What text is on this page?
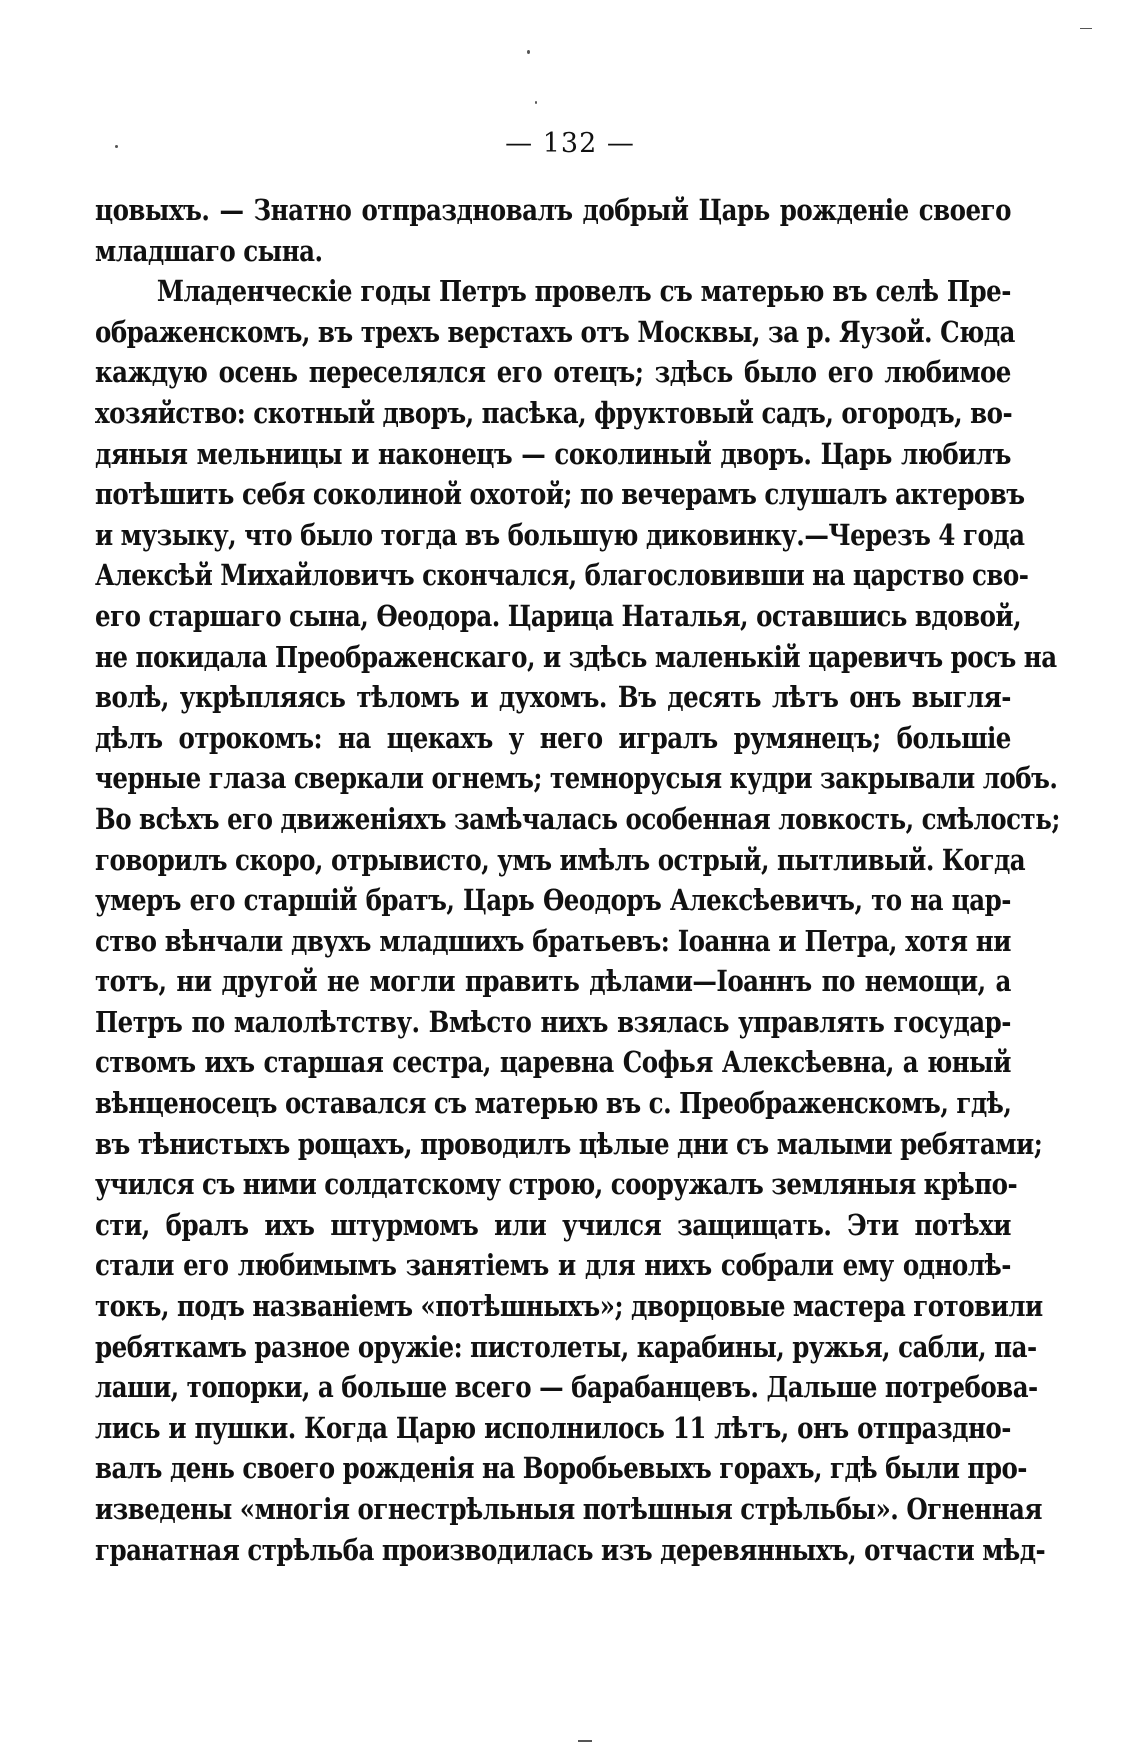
— 132 —
цовыхъ. — Знатно отпраздновалъ добрый Царь рожденіе своего
младшаго сына.
Младенческіе годы Петръ провелъ съ матерью въ селѣ Пре-
ображенскомъ, въ трехъ верстахъ отъ Москвы, за р. Яузой. Сюда
каждую осень переселялся его отецъ; здѣсь было его любимое
хозяйство: скотный дворъ, пасѣка, фруктовый садъ, огородъ, во-
дяныя мельницы и наконецъ — соколиный дворъ. Царь любилъ
потѣшить себя соколиной охотой; по вечерамъ слушалъ актеровъ
и музыку, что было тогда въ большую диковинку.—Черезъ 4 года
Алексѣй Михайловичъ скончался, благословивши на царство сво-
его старшаго сына, Ѳеодора. Царица Наталья, оставшись вдовой,
не покидала Преображенскаго, и здѣсь маленькій царевичъ росъ на
волѣ, укрѣпляясь тѣломъ и духомъ. Въ десять лѣтъ онъ выгля-
дѣлъ отрокомъ: на щекахъ у него игралъ румянецъ; большіе
черные глаза сверкали огнемъ; темнорусыя кудри закрывали лобъ.
Во всѣхъ его движеніяхъ замѣчалась особенная ловкость, смѣлость;
говорилъ скоро, отрывисто, умъ имѣлъ острый, пытливый. Когда
умеръ его старшій братъ, Царь Ѳеодоръ Алексѣевичъ, то на цар-
ство вѣнчали двухъ младшихъ братьевъ: Іоанна и Петра, хотя ни
тотъ, ни другой не могли править дѣлами—Іоаннъ по немощи, а
Петръ по малолѣтству. Вмѣсто нихъ взялась управлять государ-
ствомъ ихъ старшая сестра, царевна Софья Алексѣевна, а юный
вѣнценосецъ оставался съ матерью въ с. Преображенскомъ, гдѣ,
въ тѣнистыхъ рощахъ, проводилъ цѣлые дни съ малыми ребятами;
учился съ ними солдатскому строю, сооружалъ земляныя крѣпо-
сти, бралъ ихъ штурмомъ или учился защищать. Эти потѣхи
стали его любимымъ занятіемъ и для нихъ собрали ему однолѣ-
токъ, подъ названіемъ «потѣшныхъ»; дворцовые мастера готовили
ребяткамъ разное оружіе: пистолеты, карабины, ружья, сабли, па-
лаши, топорки, а больше всего — барабанцевъ. Дальше потребова-
лись и пушки. Когда Царю исполнилось 11 лѣтъ, онъ отпраздно-
валъ день своего рожденія на Воробьевыхъ горахъ, гдѣ были про-
изведены «многія огнестрѣльныя потѣшныя стрѣльбы». Огненная
гранатная стрѣльба производилась изъ деревянныхъ, отчасти мѣд-
